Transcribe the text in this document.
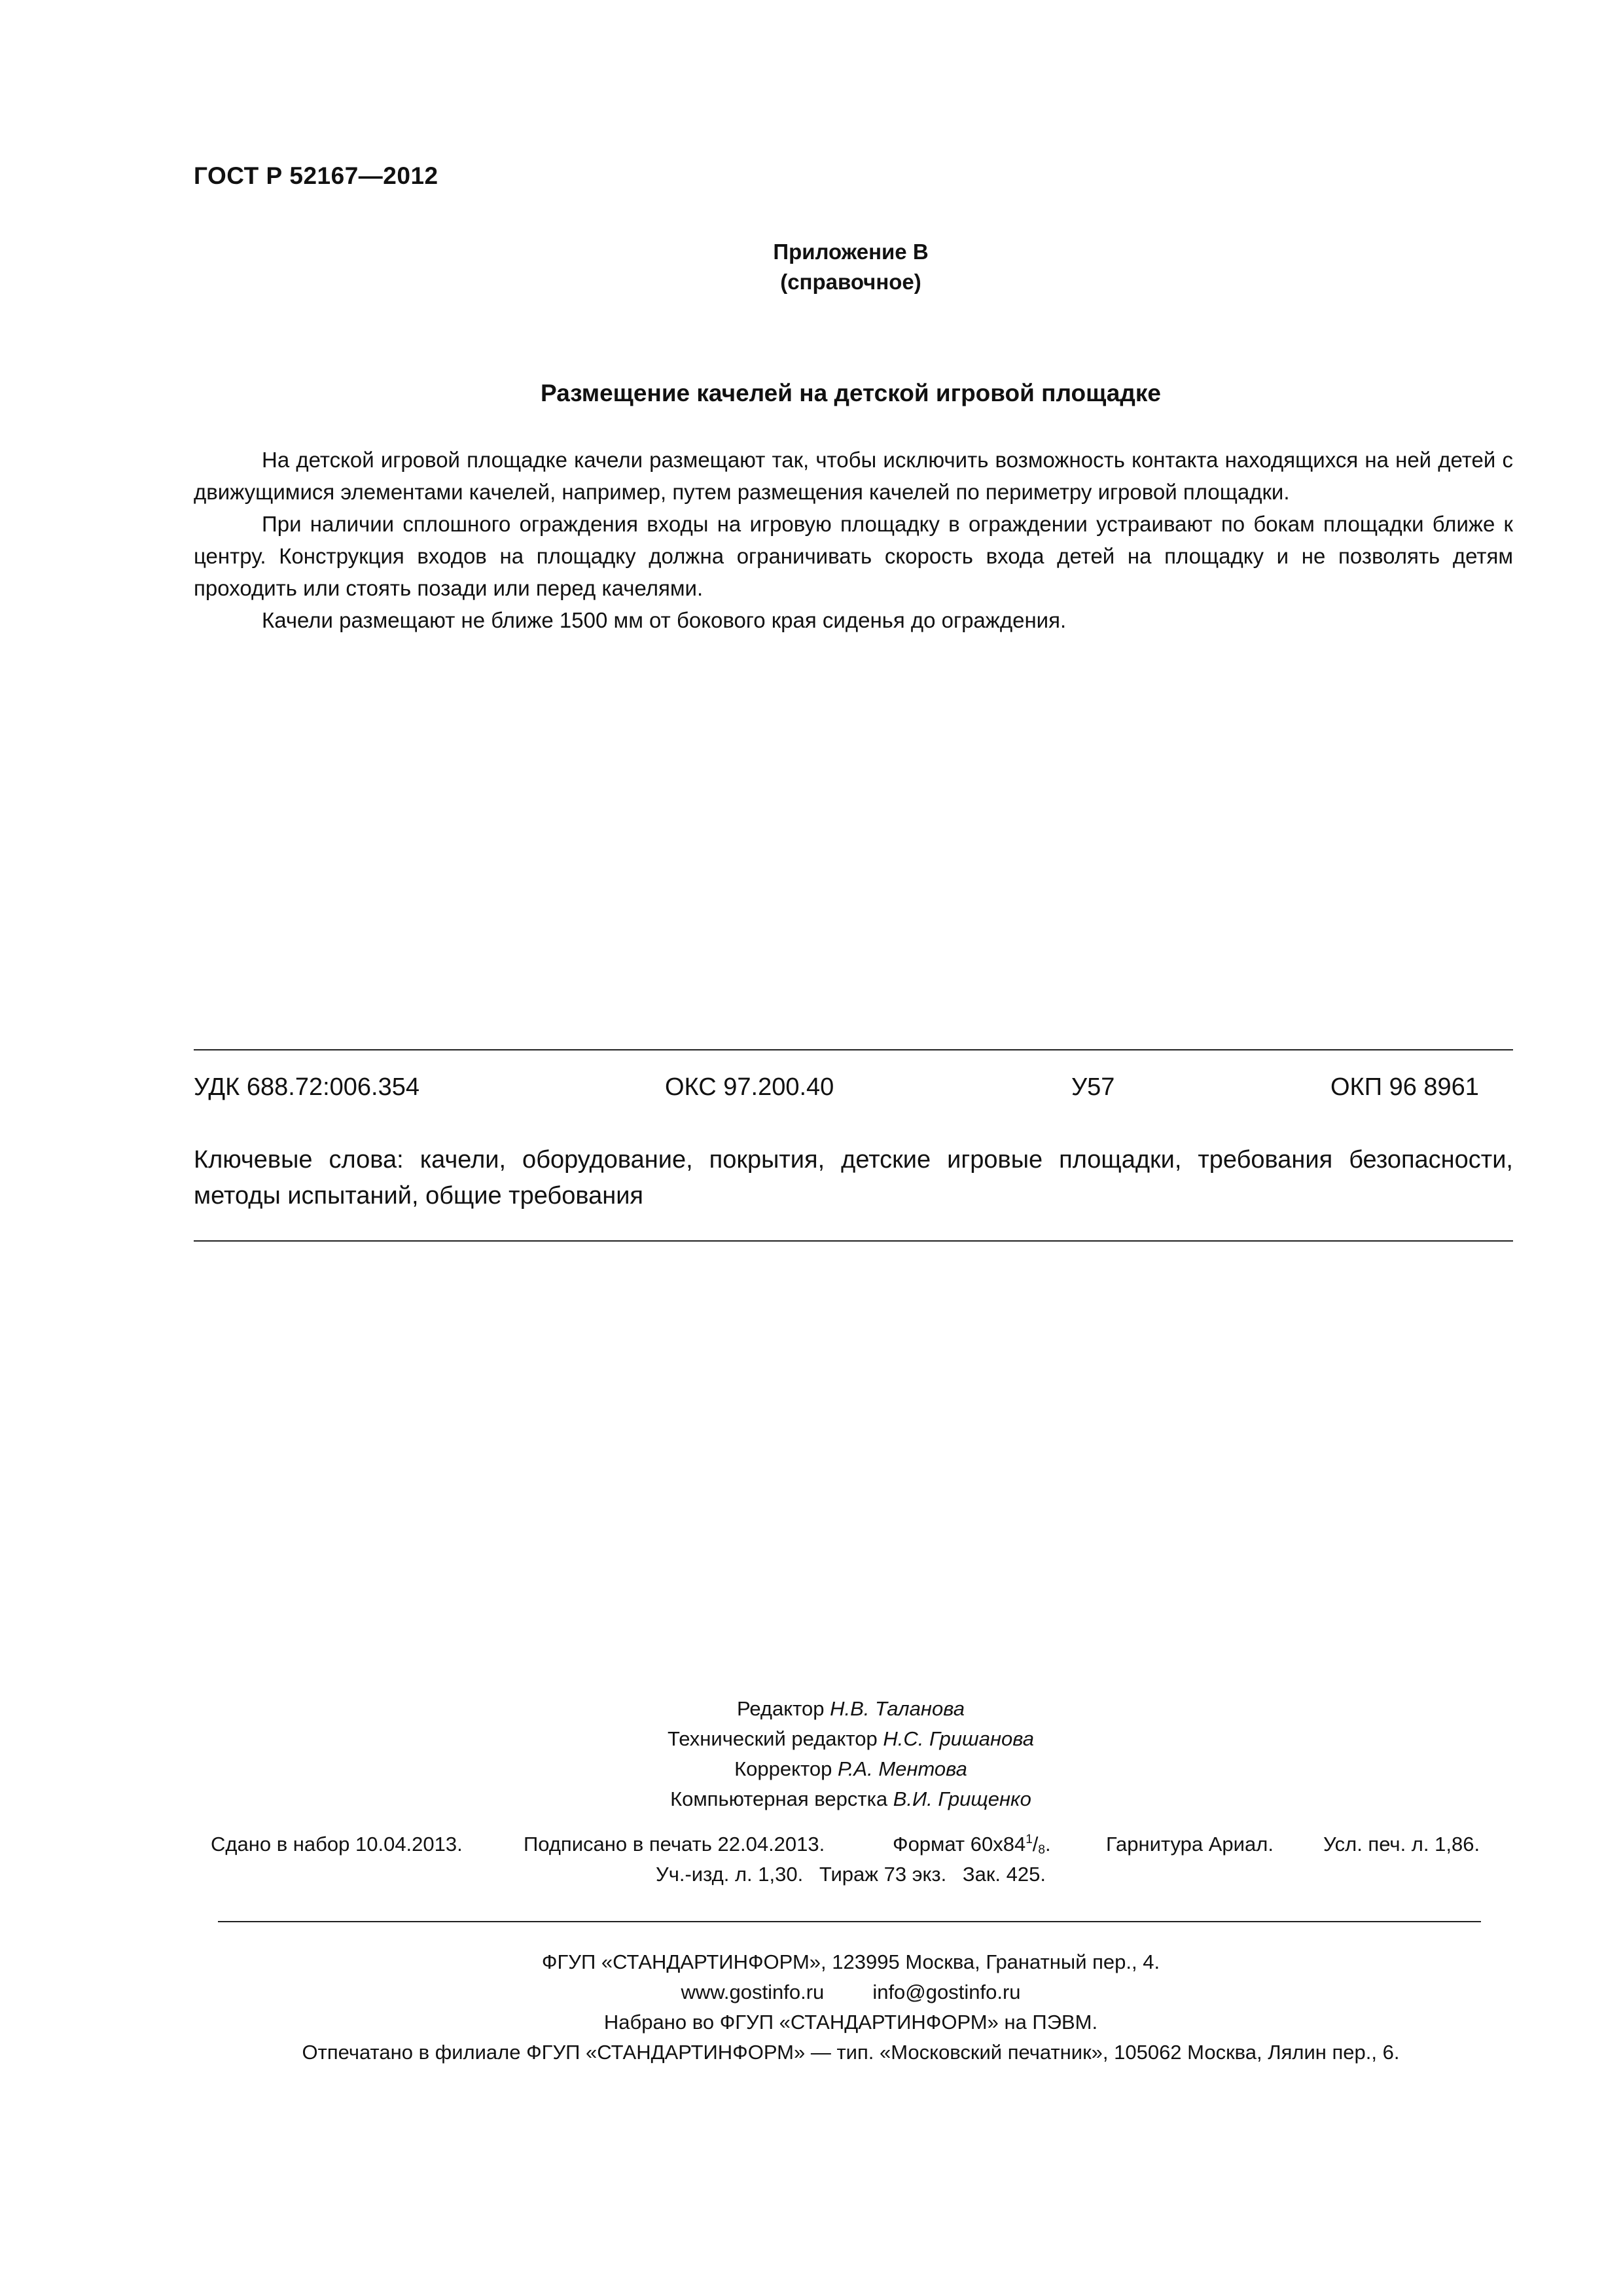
ГОСТ Р 52167—2012
Приложение В
(справочное)
Размещение качелей на детской игровой площадке

На детской игровой площадке качели размещают так, чтобы исключить возможность контакта находящихся на ней детей с движущимися элементами качелей, например, путем размещения качелей по периметру игровой площадки.

При наличии сплошного ограждения входы на игровую площадку в ограждении устраивают по бокам площадки ближе к центру. Конструкция входов на площадку должна ограничивать скорость входа детей на площадку и не позволять детям проходить или стоять позади или перед качелями.

Качели размещают не ближе 1500 мм от бокового края сиденья до ограждения.

УДК 688.72:006.354	ОКС 97.200.40	У57	ОКП 96 8961
Ключевые слова: качели, оборудование, покрытия, детские игровые площадки, требования безопасности, методы испытаний, общие требования
Редактор Н.В. Таланова
Технический редактор Н.С. Гришанова
Корректор Р.А. Ментова
Компьютерная верстка В.И. Грищенко
Сдано в набор 10.04.2013.	Подписано в печать 22.04.2013.	Формат $60х84^1/_8$.	Гарнитура Ариал. Усл. печ. л. 1,86.
Уч.-изд. л. 1,30. Тираж 73 экз. Зак. 425.
ФГУП «СТАНДАРТИНФОРМ», 123995 Москва, Гранатный пер., 4.
www.gostinfo.ru info@gostinfo.ru
Набрано во ФГУП «СТАНДАРТИНФОРМ» на ПЭВМ.
Отпечатано в филиале ФГУП «СТАНДАРТИНФОРМ» — тип. «Московский печатник», 105062 Москва, Лялин пер., 6.
